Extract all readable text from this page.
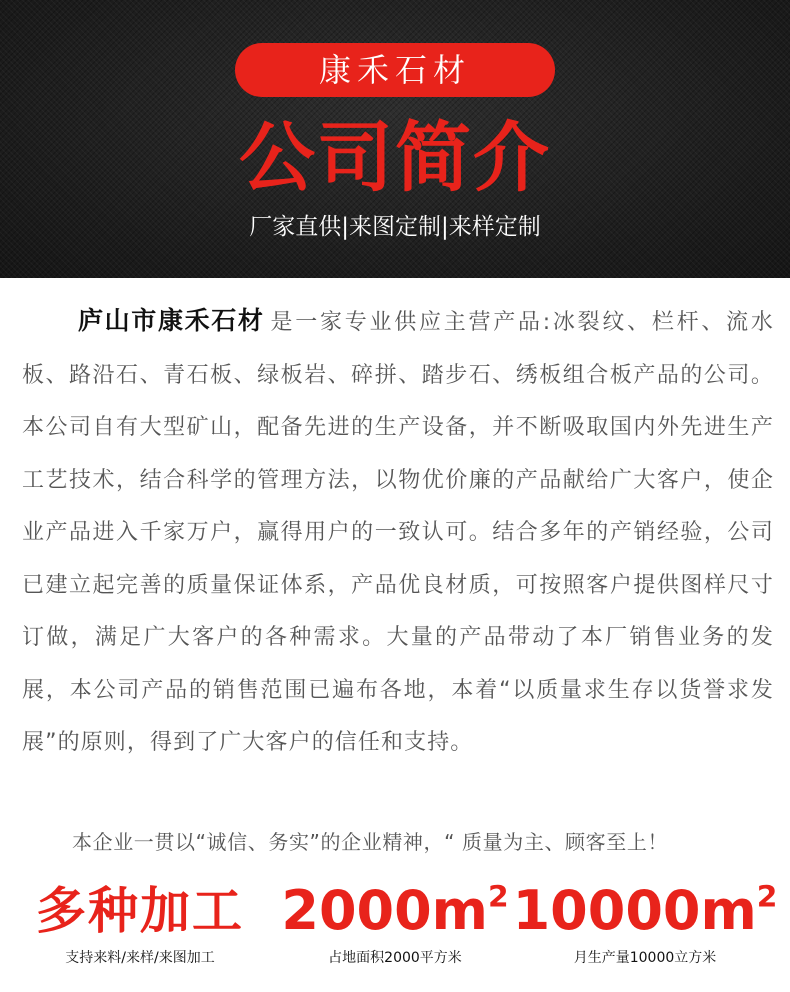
康禾石材
公司简介
厂家直供|来图定制|来样定制

庐山市康禾石材 是一家专业供应主营产品:冰裂纹、栏杆、流水板、路沿石、青石板、绿板岩、碎拼、踏步石、绣板组合板产品的公司。本公司自有大型矿山，配备先进的生产设备，并不断吸取国内外先进生产工艺技术，结合科学的管理方法，以物优价廉的产品献给广大客户，使企业产品进入千家万户，赢得用户的一致认可。结合多年的产销经验，公司已建立起完善的质量保证体系，产品优良材质，可按照客户提供图样尺寸订做，满足广大客户的各种需求。大量的产品带动了本厂销售业务的发展，本公司产品的销售范围已遍布各地，本着“以质量求生存以货誉求发展”的原则，得到了广大客户的信任和支持。

本企业一贯以“诚信、务实”的企业精神，“ 质量为主、顾客至上！

多种加工
支持来料/来样/来图加工
$2000m^2$
占地面积2000平方米
$10000m^2$
月生产量10000立方米
